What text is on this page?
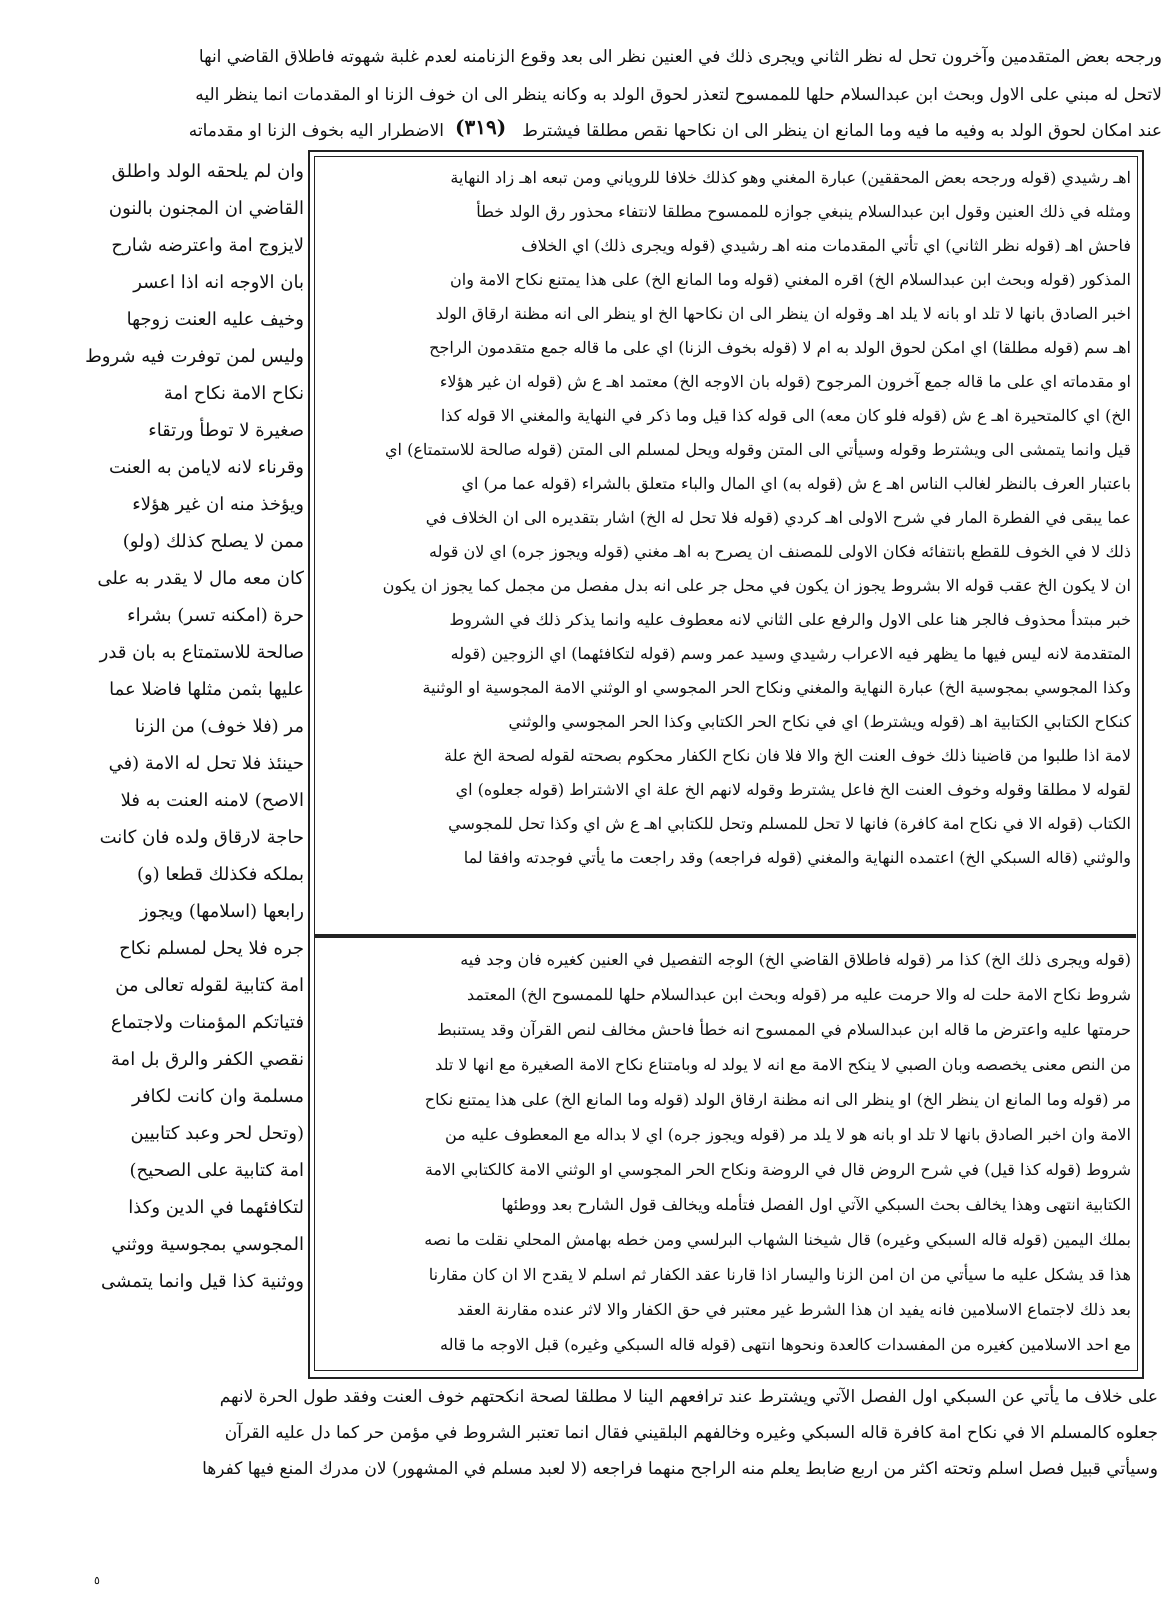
ورجحه بعض المتقدمين وآخرون تحل له نظر الثاني ويجرى ذلك في العنين نظر الى بعد وقوع الزنامنه لعدم غلبة شهوته فاطلاق القاضي انها
لاتحل له مبني على الاول وبحث ابن عبدالسلام حلها للممسوح لتعذر لحوق الولد به وكانه ينظر الى ان خوف الزنا او المقدمات انما ينظر اليه
عند امكان لحوق الولد به وفيه ما فيه وما المانع ان ينظر الى ان نكاحها نقص مطلقا فيشترط
(٣١٩)
الاضطرار اليه بخوف الزنا او مقدماته
وان لم يلحقه الولد واطلق
القاضي ان المجنون بالنون
لايزوج امة واعترضه شارح
بان الاوجه انه اذا اعسر
وخيف عليه العنت زوجها
وليس لمن توفرت فيه شروط
نكاح الامة نكاح امة
صغيرة لا توطأ ورتقاء
وقرناء لانه لايامن به العنت
ويؤخذ منه ان غير هؤلاء
ممن لا يصلح كذلك (ولو)
كان معه مال لا يقدر به على
حرة (امكنه تسر) بشراء
صالحة للاستمتاع به بان قدر
عليها بثمن مثلها فاضلا عما
مر (فلا خوف) من الزنا
حينئذ فلا تحل له الامة (في
الاصح) لامنه العنت به فلا
حاجة لارقاق ولده فان كانت
بملكه فكذلك قطعا (و)
رابعها (اسلامها) ويجوز
جره فلا يحل لمسلم نكاح
امة كتابية لقوله تعالى من
فتياتكم المؤمنات ولاجتماع
نقصي الكفر والرق بل امة
مسلمة وان كانت لكافر
(وتحل لحر وعبد كتابيين
امة كتابية على الصحيح)
لتكافئهما في الدين وكذا
المجوسي بمجوسية ووثني
ووثنية كذا قيل وانما يتمشى
اهـ رشيدي (قوله ورجحه بعض المحققين) عبارة المغني وهو كذلك خلافا للروياني ومن تبعه اهـ زاد النهاية
ومثله في ذلك العنين وقول ابن عبدالسلام ينبغي جوازه للممسوح مطلقا لانتفاء محذور رق الولد خطأ
فاحش اهـ (قوله نظر الثاني) اي تأتي المقدمات منه اهـ رشيدي (قوله ويجرى ذلك) اي الخلاف
المذكور (قوله وبحث ابن عبدالسلام الخ) اقره المغني (قوله وما المانع الخ) على هذا يمتنع نكاح الامة وان
اخبر الصادق بانها لا تلد او بانه لا يلد اهـ وقوله ان ينظر الى ان نكاحها الخ او ينظر الى انه مظنة ارقاق الولد
اهـ سم (قوله مطلقا) اي امكن لحوق الولد به ام لا (قوله بخوف الزنا) اي على ما قاله جمع متقدمون الراجح
او مقدماته اي على ما قاله جمع آخرون المرجوح (قوله بان الاوجه الخ) معتمد اهـ ع ش (قوله ان غير هؤلاء
الخ) اي كالمتحيرة اهـ ع ش (قوله فلو كان معه) الى قوله كذا قيل وما ذكر في النهاية والمغني الا قوله كذا
قيل وانما يتمشى الى ويشترط وقوله وسيأتي الى المتن وقوله ويحل لمسلم الى المتن (قوله صالحة للاستمتاع) اي
باعتبار العرف بالنظر لغالب الناس اهـ ع ش (قوله به) اي المال والباء متعلق بالشراء (قوله عما مر) اي
عما يبقى في الفطرة المار في شرح الاولى اهـ كردي (قوله فلا تحل له الخ) اشار بتقديره الى ان الخلاف في
ذلك لا في الخوف للقطع بانتفائه فكان الاولى للمصنف ان يصرح به اهـ مغني (قوله ويجوز جره) اي لان قوله
ان لا يكون الخ عقب قوله الا بشروط يجوز ان يكون في محل جر على انه بدل مفصل من مجمل كما يجوز ان يكون
خبر مبتدأ محذوف فالجر هنا على الاول والرفع على الثاني لانه معطوف عليه وانما يذكر ذلك في الشروط
المتقدمة لانه ليس فيها ما يظهر فيه الاعراب رشيدي وسيد عمر وسم (قوله لتكافئهما) اي الزوجين (قوله
وكذا المجوسي بمجوسية الخ) عبارة النهاية والمغني ونكاح الحر المجوسي او الوثني الامة المجوسية او الوثنية
كنكاح الكتابي الكتابية اهـ (قوله ويشترط) اي في نكاح الحر الكتابي وكذا الحر المجوسي والوثني
لامة اذا طلبوا من قاضينا ذلك خوف العنت الخ والا فلا فان نكاح الكفار محكوم بصحته لقوله لصحة الخ علة
لقوله لا مطلقا وقوله وخوف العنت الخ فاعل يشترط وقوله لانهم الخ علة اي الاشتراط (قوله جعلوه) اي
الكتاب (قوله الا في نكاح امة كافرة) فانها لا تحل للمسلم وتحل للكتابي اهـ ع ش اي وكذا تحل للمجوسي
والوثني (قاله السبكي الخ) اعتمده النهاية والمغني (قوله فراجعه) وقد راجعت ما يأتي فوجدته وافقا لما
(قوله ويجرى ذلك الخ) كذا مر (قوله فاطلاق القاضي الخ) الوجه التفصيل في العنين كغيره فان وجد فيه
شروط نكاح الامة حلت له والا حرمت عليه مر (قوله وبحث ابن عبدالسلام حلها للممسوح الخ) المعتمد
حرمتها عليه واعترض ما قاله ابن عبدالسلام في الممسوح انه خطأ فاحش مخالف لنص القرآن وقد يستنبط
من النص معنى يخصصه وبان الصبي لا ينكح الامة مع انه لا يولد له وبامتناع نكاح الامة الصغيرة مع انها لا تلد
مر (قوله وما المانع ان ينظر الخ) او ينظر الى انه مظنة ارقاق الولد (قوله وما المانع الخ) على هذا يمتنع نكاح
الامة وان اخبر الصادق بانها لا تلد او بانه هو لا يلد مر (قوله ويجوز جره) اي لا بداله مع المعطوف عليه من
شروط (قوله كذا قيل) في شرح الروض قال في الروضة ونكاح الحر المجوسي او الوثني الامة كالكتابي الامة
الكتابية انتهى وهذا يخالف بحث السبكي الآتي اول الفصل فتأمله ويخالف قول الشارح بعد ووطئها
بملك اليمين (قوله قاله السبكي وغيره) قال شيخنا الشهاب البرلسي ومن خطه بهامش المحلي نقلت ما نصه
هذا قد يشكل عليه ما سيأتي من ان امن الزنا واليسار اذا قارنا عقد الكفار ثم اسلم لا يقدح الا ان كان مقارنا
بعد ذلك لاجتماع الاسلامين فانه يفيد ان هذا الشرط غير معتبر في حق الكفار والا لاثر عنده مقارنة العقد
مع احد الاسلامين كغيره من المفسدات كالعدة ونحوها انتهى (قوله قاله السبكي وغيره) قبل الاوجه ما قاله
على خلاف ما يأتي عن السبكي اول الفصل الآتي ويشترط عند ترافعهم الينا لا مطلقا لصحة انكحتهم خوف العنت وفقد طول الحرة لانهم
جعلوه كالمسلم الا في نكاح امة كافرة قاله السبكي وغيره وخالفهم البلقيني فقال انما تعتبر الشروط في مؤمن حر كما دل عليه القرآن
وسيأتي قبيل فصل اسلم وتحته اكثر من اربع ضابط يعلم منه الراجح منهما فراجعه (لا لعبد مسلم في المشهور) لان مدرك المنع فيها كفرها
٥
